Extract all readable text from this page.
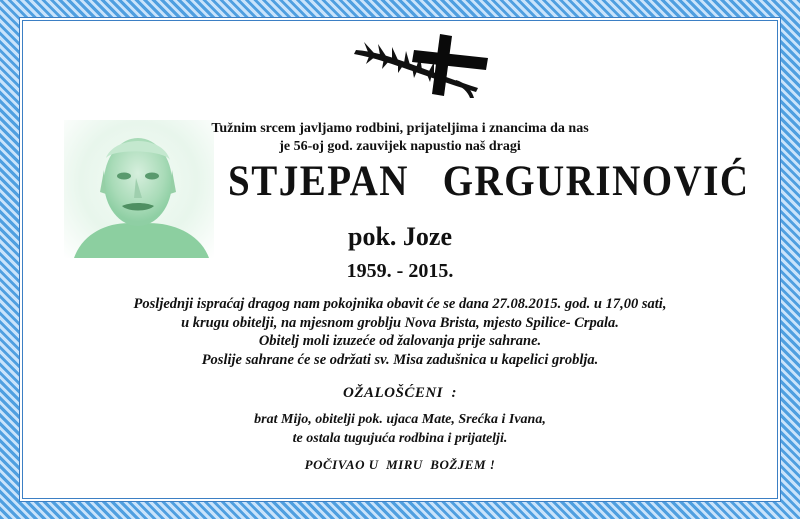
Tužnim srcem javljamo rodbini, prijateljima i znancima da nas
je 56-oj god. zauvijek napustio naš dragi
STJEPAN   GRGURINOVIĆ
pok. Joze
1959. - 2015.
Posljednji ispraćaj dragog nam pokojnika obavit će se dana 27.08.2015. god. u 17,00 sati,
u krugu obitelji, na mjesnom groblju Nova Brista, mjesto Spilice- Crpala.
Obitelj moli izuzeće od žalovanja prije sahrane.
Poslije sahrane će se održati sv. Misa zadušnica u kapelici groblja.
OŽALOŠĆENI  :
brat Mijo, obitelji pok. ujaca Mate, Srećka i Ivana,
te ostala tugujuća rodbina i prijatelji.
POČIVAO U  MIRU  BOŽJEM !
